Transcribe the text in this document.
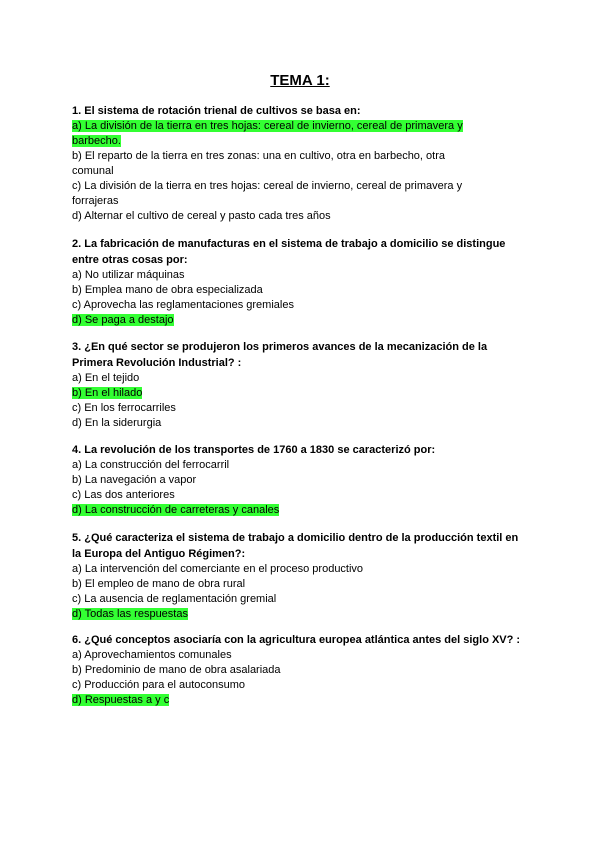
TEMA 1:

1. El sistema de rotación trienal de cultivos se basa en:

a) La división de la tierra en tres hojas: cereal de invierno, cereal de primavera y

barbecho.

b) El reparto de la tierra en tres zonas: una en cultivo, otra en barbecho, otra

comunal

c) La división de la tierra en tres hojas: cereal de invierno, cereal de primavera y

forrajeras

d) Alternar el cultivo de cereal y pasto cada tres años

2. La fabricación de manufacturas en el sistema de trabajo a domicilio se distingue

entre otras cosas por:

a) No utilizar máquinas

b) Emplea mano de obra especializada

c) Aprovecha las reglamentaciones gremiales

d) Se paga a destajo

3. ¿En qué sector se produjeron los primeros avances de la mecanización de la

Primera Revolución Industrial? :

a) En el tejido

b) En el hilado

c) En los ferrocarriles

d) En la siderurgia

4. La revolución de los transportes de 1760 a 1830 se caracterizó por:

a) La construcción del ferrocarril

b) La navegación a vapor

c) Las dos anteriores

d) La construcción de carreteras y canales

5. ¿Qué caracteriza el sistema de trabajo a domicilio dentro de la producción textil en

la Europa del Antiguo Régimen?:

a) La intervención del comerciante en el proceso productivo

b) El empleo de mano de obra rural

c) La ausencia de reglamentación gremial

d) Todas las respuestas

6. ¿Qué conceptos asociaría con la agricultura europea atlántica antes del siglo XV? :

a) Aprovechamientos comunales

b) Predominio de mano de obra asalariada

c) Producción para el autoconsumo

d) Respuestas a y c
